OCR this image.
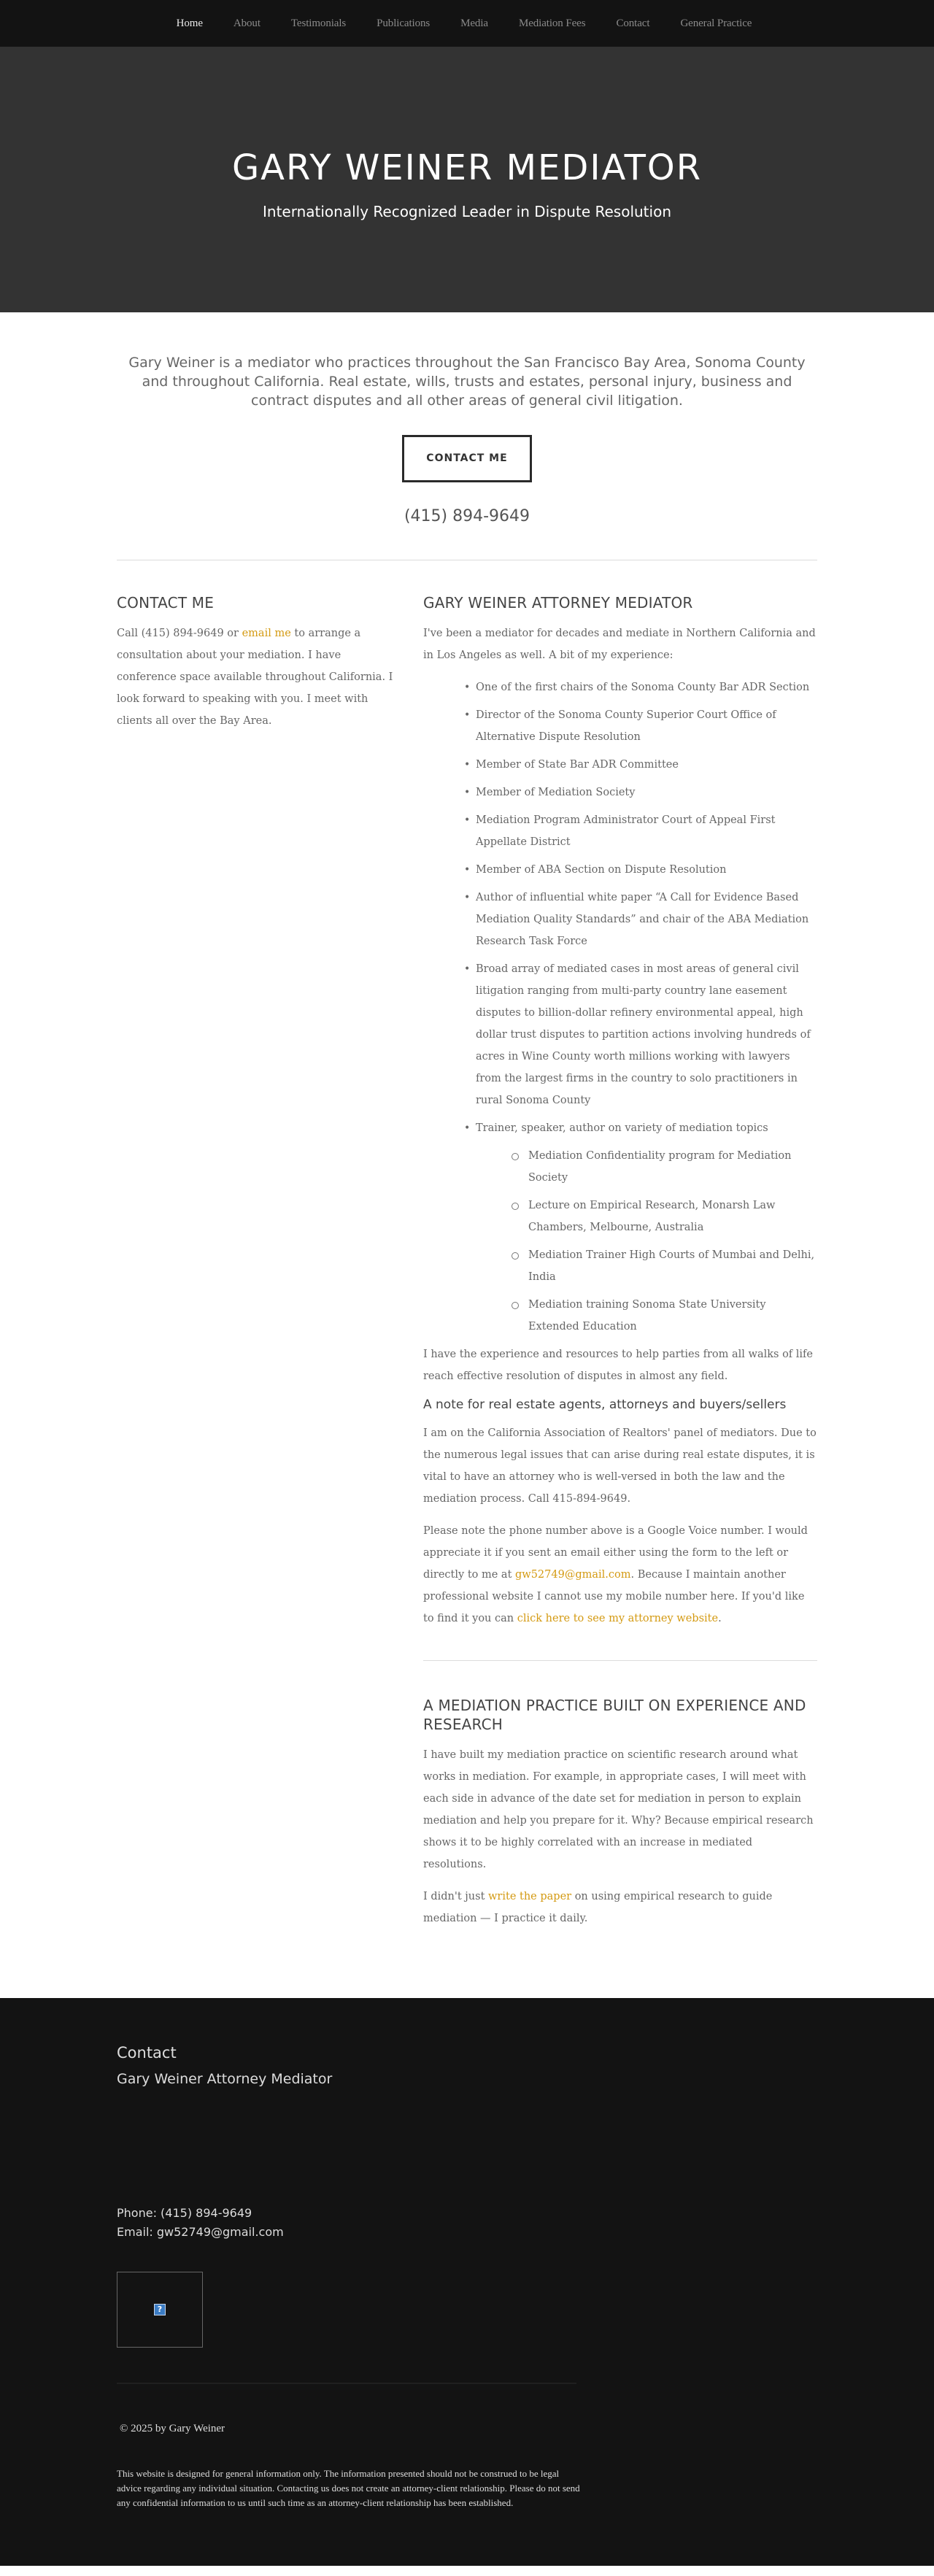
Home	About	Testimonials	Publications	Media	Mediation Fees	Contact	General Practice
GARY WEINER MEDIATOR
Internationally Recognized Leader in Dispute Resolution

Gary Weiner is a mediator who practices throughout the San Francisco Bay Area, Sonoma County and throughout California. Real estate, wills, trusts and estates, personal injury, business and contract disputes and all other areas of general civil litigation.

CONTACT ME
(415) 894-9649
CONTACT ME

Call (415) 894-9649 or email me to arrange a consultation about your mediation. I have conference space available throughout California. I look forward to speaking with you. I meet with clients all over the Bay Area.

GARY WEINER ATTORNEY MEDIATOR

I've been a mediator for decades and mediate in Northern California and in Los Angeles as well. A bit of my experience:

• One of the first chairs of the Sonoma County Bar ADR Section
• Director of the Sonoma County Superior Court Office of Alternative Dispute Resolution
• Member of State Bar ADR Committee
• Member of Mediation Society
• Mediation Program Administrator Court of Appeal First Appellate District
• Member of ABA Section on Dispute Resolution
• Author of influential white paper “A Call for Evidence Based Mediation Quality Standards” and chair of the ABA Mediation Research Task Force
• Broad array of mediated cases in most areas of general civil litigation ranging from multi-party country lane easement disputes to billion-dollar refinery environmental appeal, high dollar trust disputes to partition actions involving hundreds of acres in Wine County worth millions working with lawyers from the largest firms in the country to solo practitioners in rural Sonoma County
• Trainer, speaker, author on variety of mediation topics
Mediation Confidentiality program for Mediation Society
Lecture on Empirical Research, Monarsh Law Chambers, Melbourne, Australia
Mediation Trainer High Courts of Mumbai and Delhi, India
Mediation training Sonoma State University Extended Education

I have the experience and resources to help parties from all walks of life reach effective resolution of disputes in almost any field.

A note for real estate agents, attorneys and buyers/sellers

I am on the California Association of Realtors' panel of mediators. Due to the numerous legal issues that can arise during real estate disputes, it is vital to have an attorney who is well-versed in both the law and the mediation process. Call 415-894-9649.

Please note the phone number above is a Google Voice number. I would appreciate it if you sent an email either using the form to the left or directly to me at gw52749@gmail.com. Because I maintain another professional website I cannot use my mobile number here. If you'd like to find it you can click here to see my attorney website.

A MEDIATION PRACTICE BUILT ON EXPERIENCE AND RESEARCH

I have built my mediation practice on scientific research around what works in mediation. For example, in appropriate cases, I will meet with each side in advance of the date set for mediation in person to explain mediation and help you prepare for it. Why? Because empirical research shows it to be highly correlated with an increase in mediated resolutions.

I didn't just write the paper on using empirical research to guide mediation — I practice it daily.

Contact
Gary Weiner Attorney Mediator
Phone: (415) 894-9649
Email: gw52749@gmail.com
?
© 2025 by Gary Weiner
This website is designed for general information only. The information presented should not be construed to be legal advice regarding any individual situation. Contacting us does not create an attorney-client relationship. Please do not send any confidential information to us until such time as an attorney-client relationship has been established.
